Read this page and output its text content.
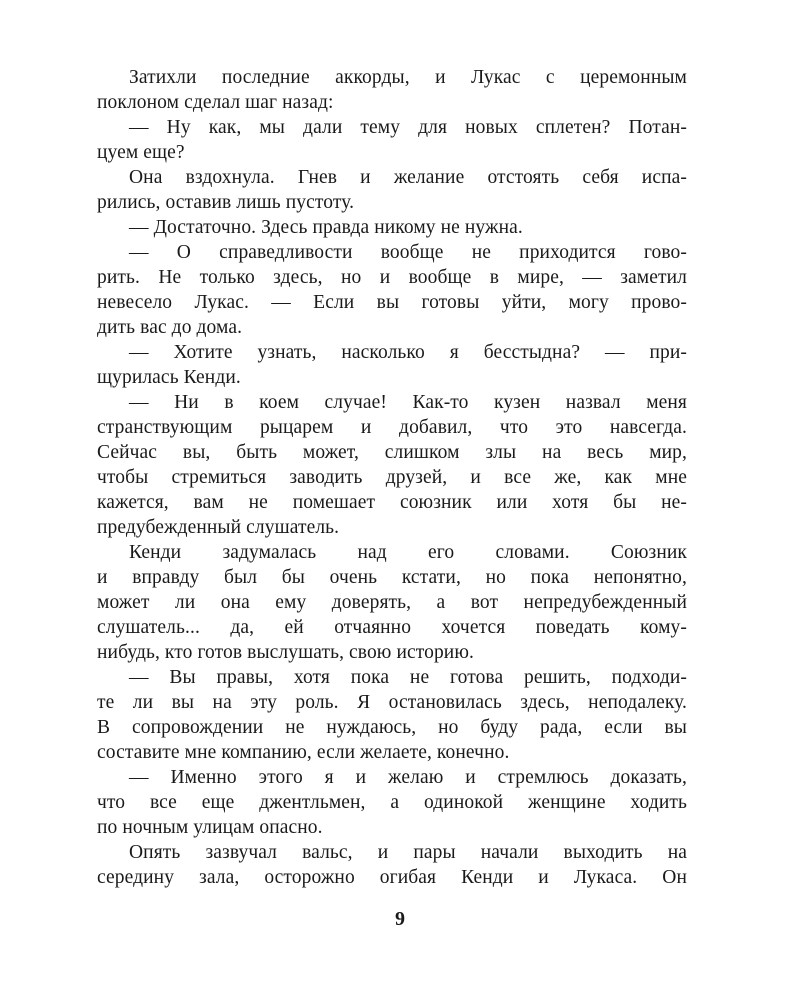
Затихли последние аккорды, и Лукас с церемонным
поклоном сделал шаг назад:
— Ну как, мы дали тему для новых сплетен? Потан-
цуем еще?
Она вздохнула. Гнев и желание отстоять себя испа-
рились, оставив лишь пустоту.
— Достаточно. Здесь правда никому не нужна.
— О справедливости вообще не приходится гово-
рить. Не только здесь, но и вообще в мире, — заметил
невесело Лукас. — Если вы готовы уйти, могу прово-
дить вас до дома.
— Хотите узнать, насколько я бесстыдна? — при-
щурилась Кенди.
— Ни в коем случае! Как-то кузен назвал меня
странствующим рыцарем и добавил, что это навсегда.
Сейчас вы, быть может, слишком злы на весь мир,
чтобы стремиться заводить друзей, и все же, как мне
кажется, вам не помешает союзник или хотя бы не-
предубежденный слушатель.
Кенди задумалась над его словами. Союзник
и вправду был бы очень кстати, но пока непонятно,
может ли она ему доверять, а вот непредубежденный
слушатель... да, ей отчаянно хочется поведать кому-
нибудь, кто готов выслушать, свою историю.
— Вы правы, хотя пока не готова решить, подходи-
те ли вы на эту роль. Я остановилась здесь, неподалеку.
В сопровождении не нуждаюсь, но буду рада, если вы
составите мне компанию, если желаете, конечно.
— Именно этого я и желаю и стремлюсь доказать,
что все еще джентльмен, а одинокой женщине ходить
по ночным улицам опасно.
Опять зазвучал вальс, и пары начали выходить на
середину зала, осторожно огибая Кенди и Лукаса. Он
9
